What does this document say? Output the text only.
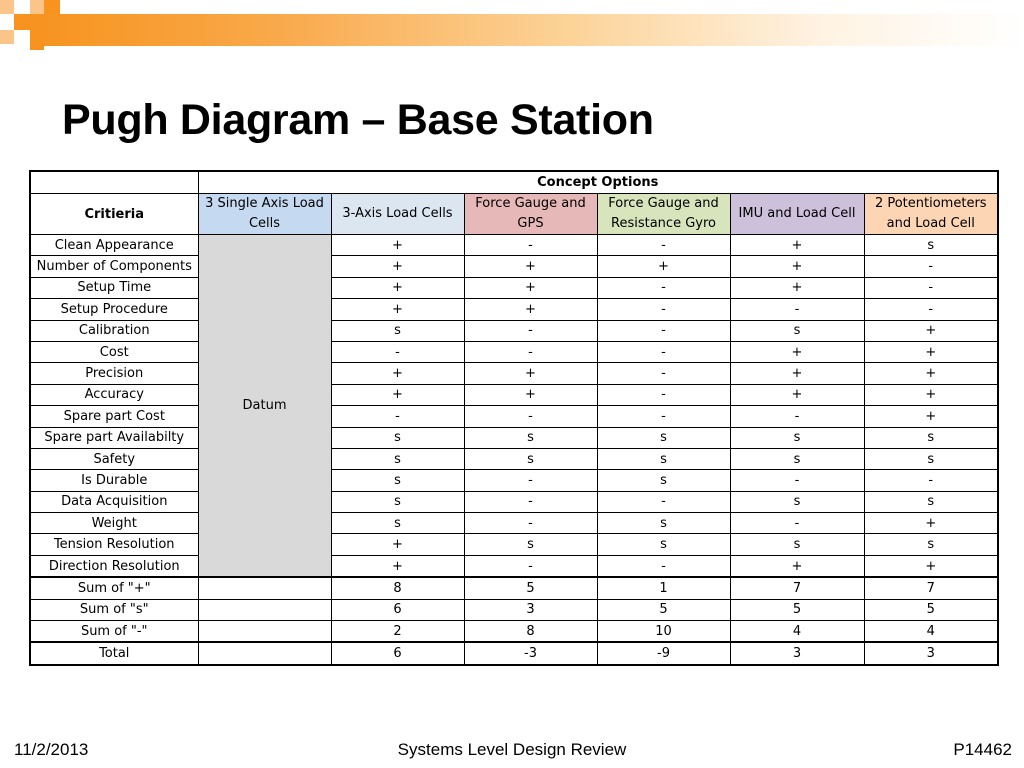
Pugh Diagram – Base Station
	Concept Options					
Critieria	3 Single Axis Load Cells	3-Axis Load Cells	Force Gauge and GPS	Force Gauge and Resistance Gyro	IMU and Load Cell	2 Potentiometers and Load Cell
Clean Appearance	Datum	+	-	-	+	s
Number of Components		+	+	+	+	-
Setup Time		+	+	-	+	-
Setup Procedure		+	+	-	-	-
Calibration		s	-	-	s	+
Cost		-	-	-	+	+
Precision		+	+	-	+	+
Accuracy		+	+	-	+	+
Spare part Cost		-	-	-	-	+
Spare part Availabilty		s	s	s	s	s
Safety		s	s	s	s	s
Is Durable		s	-	s	-	-
Data Acquisition		s	-	-	s	s
Weight		s	-	s	-	+
Tension Resolution		+	s	s	s	s
Direction Resolution		+	-	-	+	+
Sum of "+"		8	5	1	7	7
Sum of "s"		6	3	5	5	5
Sum of "-"		2	8	10	4	4
Total		6	-3	-9	3	3
11/2/2013	Systems Level Design Review	P14462
